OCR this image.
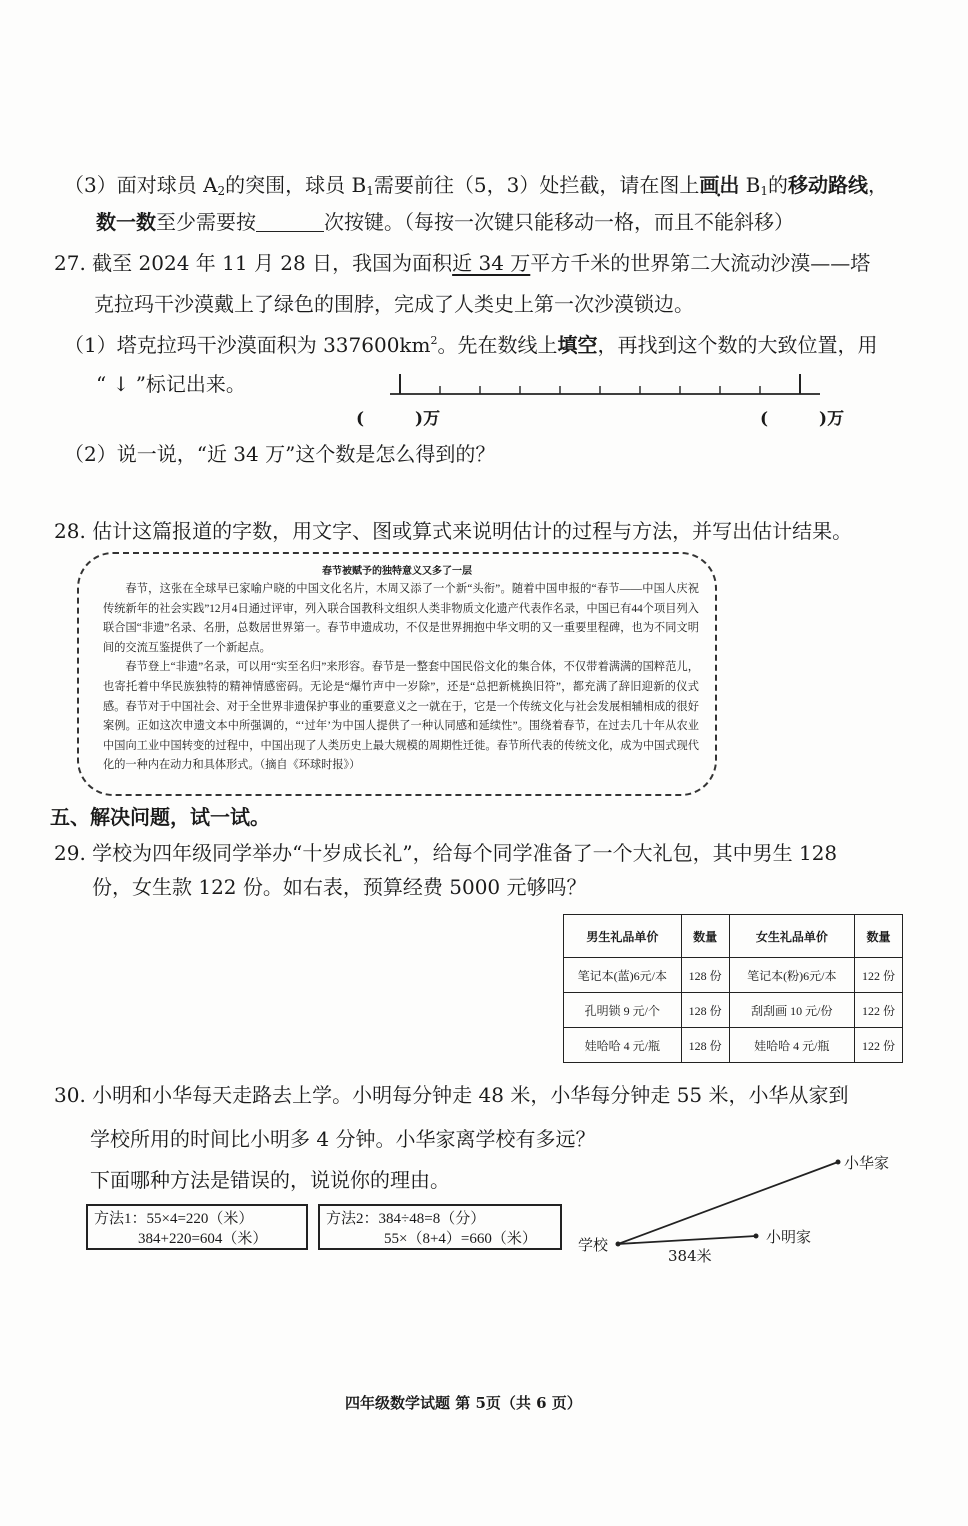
（3）面对球员 $A_2$的突围，球员 $B_1$需要前往（5，3）处拦截，请在图上画出 $B_1$的移动路线，
数一数至少需要按	次按键。（每按一次键只能移动一格，而且不能斜移）
27. 截至 2024 年 11 月 28 日，我国为面积近 34 万平方千米的世界第二大流动沙漠——塔
克拉玛干沙漠戴上了绿色的围脖，完成了人类史上第一次沙漠锁边。
（1）塔克拉玛干沙漠面积为 $337600km^2$。先在数线上填空，再找到这个数的大致位置，用
“ ↓ ”标记出来。
(　　　)万	(　　　)万
（2）说一说，“近 34 万”这个数是怎么得到的？
28. 估计这篇报道的字数，用文字、图或算式来说明估计的过程与方法，并写出估计结果。
春节被赋予的独特意义又多了一层

春节，这张在全球早已家喻户晓的中国文化名片，木周又添了一个新“头衔”。随着中国申报的“春节——中国人庆祝传统新年的社会实践”12月4日通过评审，列入联合国教科文组织人类非物质文化遗产代表作名录，中国已有44个项目列入联合国“非遗”名录、名册，总数居世界第一。春节申遗成功，不仅是世界拥抱中华文明的又一重要里程碑，也为不同文明间的交流互鉴提供了一个新起点。

春节登上“非遗”名录，可以用“实至名归”来形容。春节是一整套中国民俗文化的集合体，不仅带着满满的国粹范儿，也寄托着中华民族独特的精神情感密码。无论是“爆竹声中一岁除”，还是“总把新桃换旧符”，都充满了辞旧迎新的仪式感。春节对于中国社会、对于全世界非遗保护事业的重要意义之一就在于，它是一个传统文化与社会发展相辅相成的很好案例。正如这次申遗文本中所强调的，“‘过年’为中国人提供了一种认同感和延续性”。围绕着春节，在过去几十年从农业中国向工业中国转变的过程中，中国出现了人类历史上最大规模的周期性迁徙。春节所代表的传统文化，成为中国式现代化的一种内在动力和具体形式。（摘自《环球时报》）

五、解决问题，试一试。
29. 学校为四年级同学举办“十岁成长礼”，给每个同学准备了一个大礼包，其中男生 128
份，女生款 122 份。如右表，预算经费 5000 元够吗？
男生礼品单价	数量	女生礼品单价	数量
笔记本(蓝)6元/本	128 份	笔记本(粉)6元/本	122 份
孔明锁 9 元/个	128 份	刮刮画 10 元/份	122 份
娃哈哈 4 元/瓶	128 份	娃哈哈 4 元/瓶	122 份
30. 小明和小华每天走路去上学。小明每分钟走 48 米，小华每分钟走 55 米，小华从家到
学校所用的时间比小明多 4 分钟。小华家离学校有多远？
下面哪种方法是错误的，说说你的理由。
方法1：55×4=220（米）
384+220=604（米）
方法2：384÷48=8（分）
55×（8+4）=660（米）	学校	小明家
小华家
384米
四年级数学试题 第 5页（共 6 页）
